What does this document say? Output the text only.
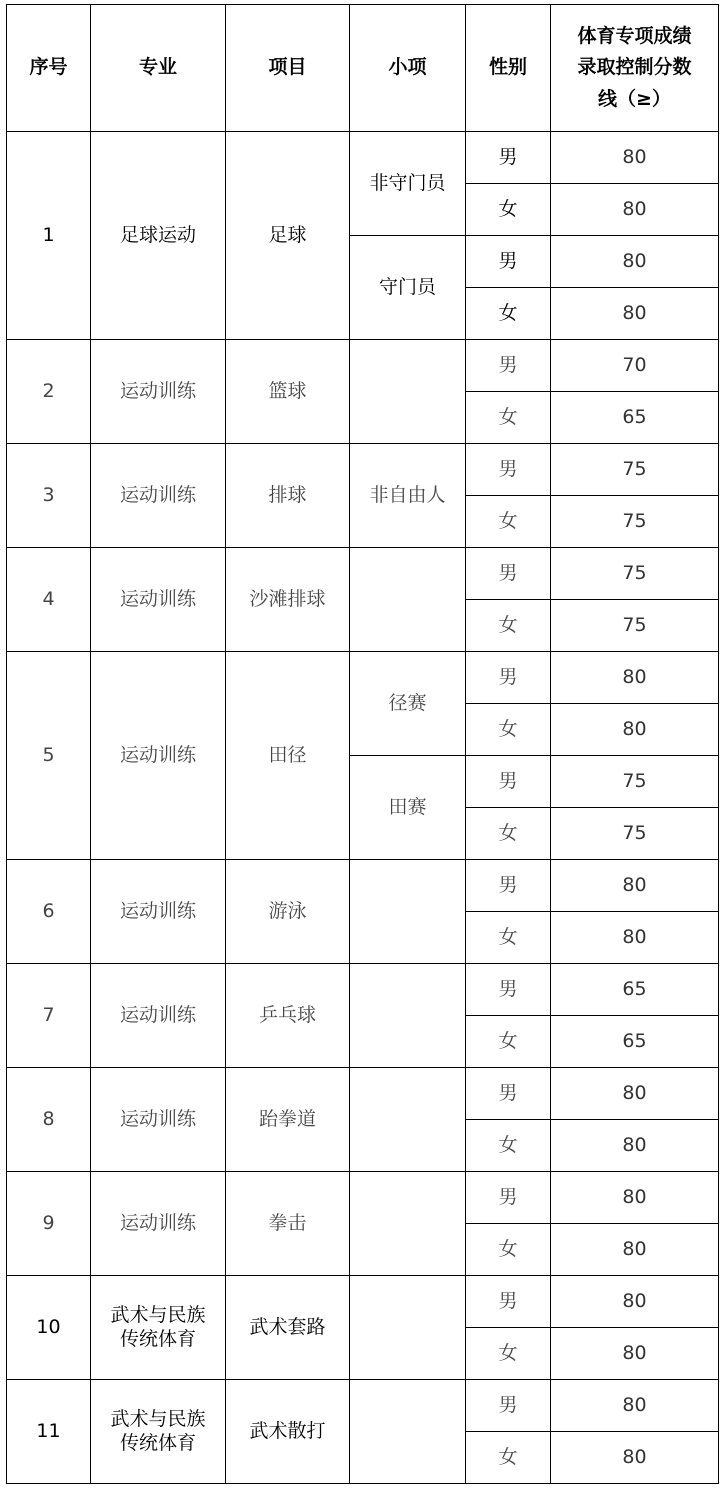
序号	专业	项目	小项	性别	体育专项成绩
录取控制分数
线（≥）
1	足球运动	足球	非守门员	男	80
				女	80
			守门员	男	80
				女	80
2	运动训练	篮球		男	70
				女	65
3	运动训练	排球	非自由人	男	75
				女	75
4	运动训练	沙滩排球		男	75
				女	75
5	运动训练	田径	径赛	男	80
				女	80
			田赛	男	75
				女	75
6	运动训练	游泳		男	80
				女	80
7	运动训练	乒乓球		男	65
				女	65
8	运动训练	跆拳道		男	80
				女	80
9	运动训练	拳击		男	80
				女	80
10	武术与民族
传统体育	武术套路		男	80
				女	80
11	武术与民族
传统体育	武术散打		男	80
				女	80
